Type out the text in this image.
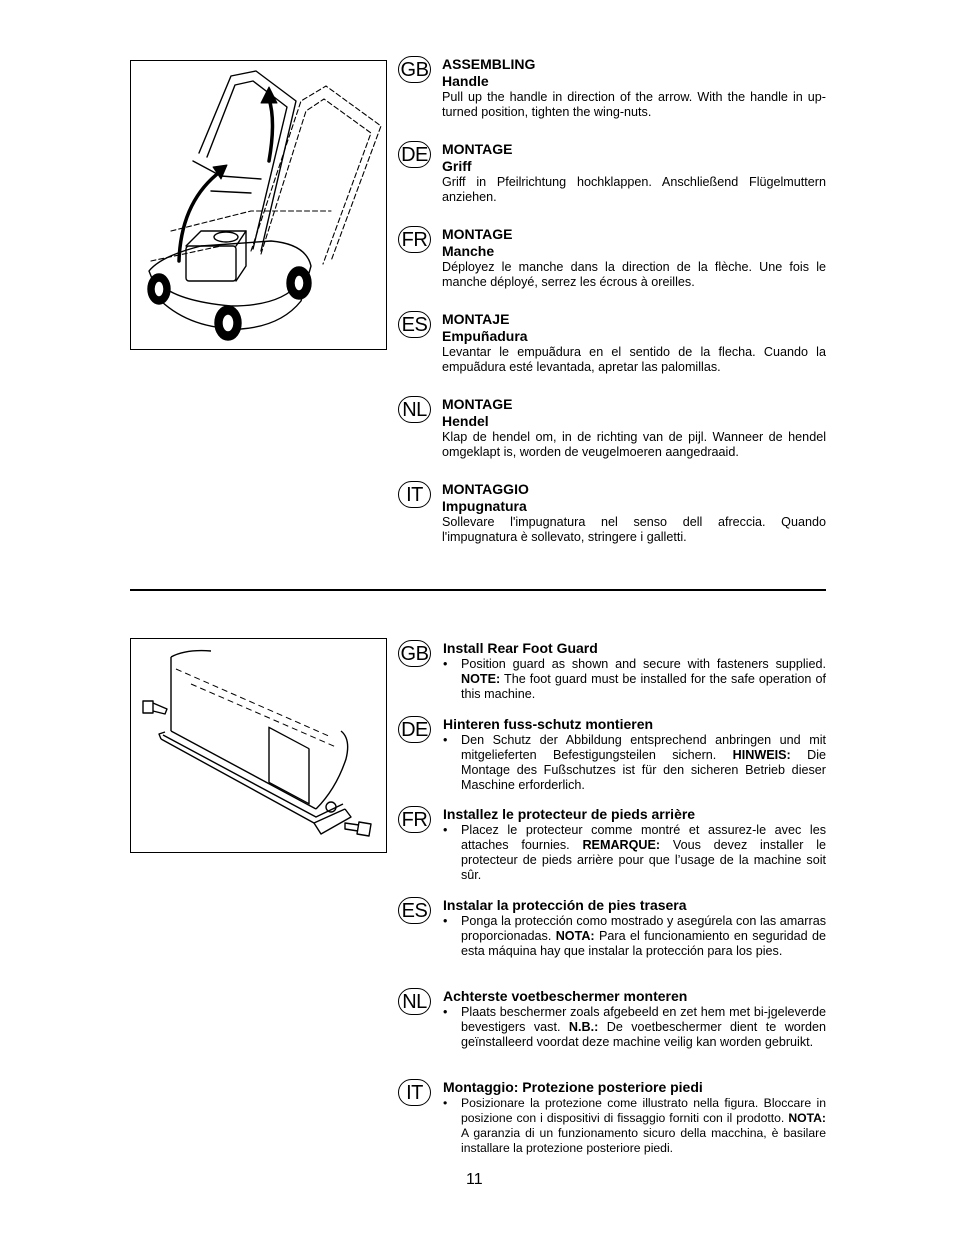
GB ASSEMBLING
Handle
Pull up the handle in direction of the arrow. With the handle in up-turned position, tighten the wing-nuts.
DE MONTAGE
Griff
Griff in Pfeilrichtung hochklappen. Anschließend Flügelmuttern anziehen.
FR MONTAGE
Manche
Déployez le manche dans la direction de la flèche. Une fois le manche déployé, serrez les écrous à oreilles.
ES MONTAJE
Empuñadura
Levantar le empuãdura en el sentido de la flecha. Cuando la empuãdura esté levantada, apretar las palomillas.
NL	MONTAGE
Hendel
Klap de hendel om, in de richting van de pijl. Wanneer de hendel omgeklapt is, worden de veugelmoeren aangedraaid.
IT	MONTAGGIO
Impugnatura
Sollevare l'impugnatura nel senso dell afreccia. Quando l'impugnatura è sollevato, stringere i galletti.
GB Install Rear Foot Guard
• Position guard as shown and secure with fasteners supplied. NOTE: The foot guard must be installed for the safe operation of this machine.
DE Hinteren fuss-schutz montieren
• Den Schutz der Abbildung entsprechend anbringen und mit mitgelieferten Befestigungsteilen sichern. HINWEIS: Die Montage des Fußschutzes ist für den sicheren Betrieb dieser Maschine erforderlich.
FR Installez le protecteur de pieds arrière
• Placez le protecteur comme montré et assurez-le avec les attaches fournies. REMARQUE: Vous devez installer le protecteur de pieds arrière pour que l’usage de la machine soit sûr.
ES Instalar la protección de pies trasera
• Ponga la protección como mostrado y asegúrela con las amarras proporcionadas. NOTA: Para el funcionamiento en seguridad de esta máquina hay que instalar la protección para los pies.
NL	Achterste voetbeschermer monteren
• Plaats beschermer zoals afgebeeld en zet hem met bi-jgeleverde bevestigers vast. N.B.: De voetbeschermer dient te worden geïnstalleerd voordat deze machine veilig kan worden gebruikt.
IT	Montaggio: Protezione posteriore piedi
• Posizionare la protezione come illustrato nella figura. Bloccare in posizione con i dispositivi di fissaggio forniti con il prodotto. NOTA: A garanzia di un funzionamento sicuro della macchina, è basilare installare la protezione posteriore piedi.
11
